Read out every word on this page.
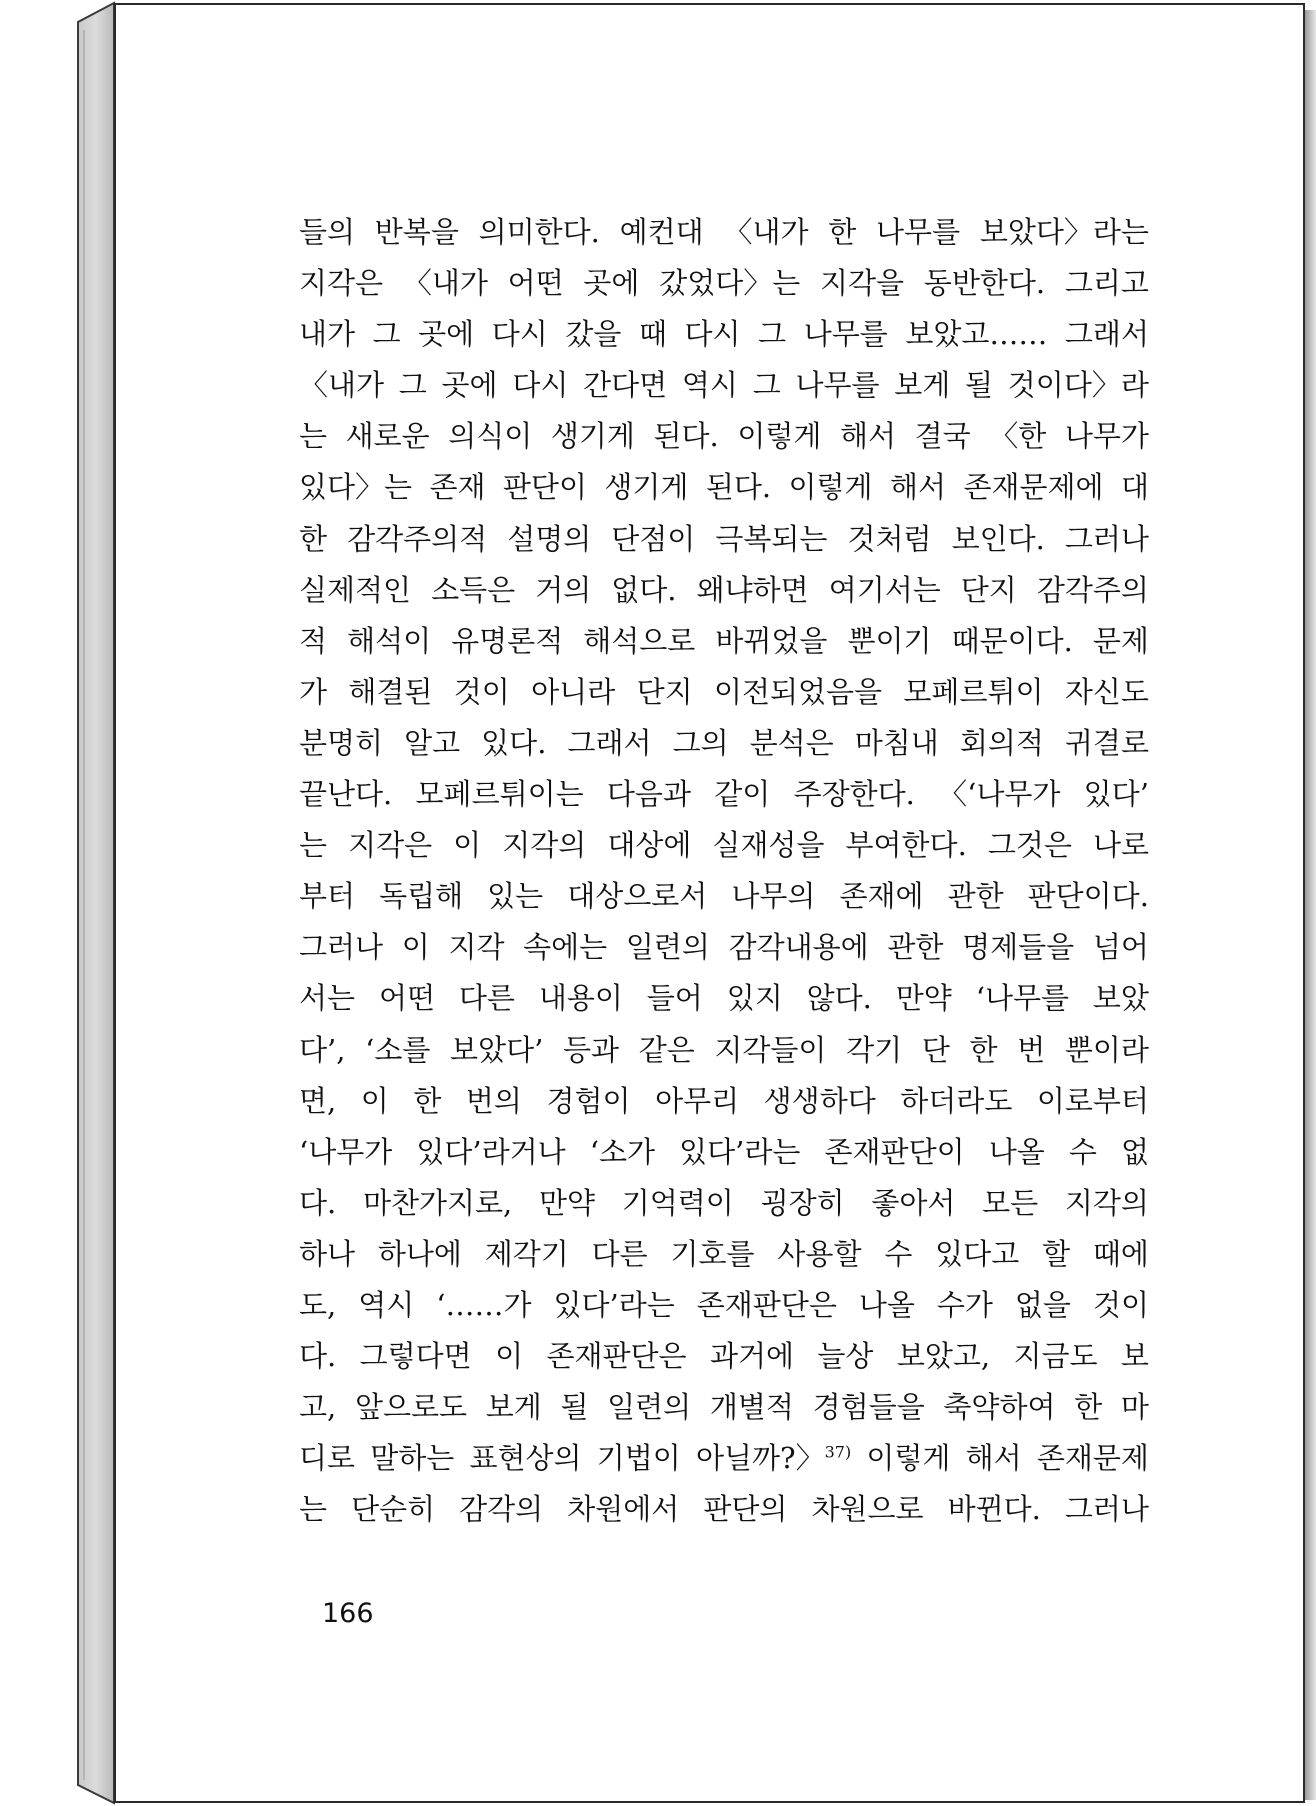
들의 반복을 의미한다. 예컨대 〈내가 한 나무를 보았다〉라는
지각은 〈내가 어떤 곳에 갔었다〉는 지각을 동반한다. 그리고
내가 그 곳에 다시 갔을 때 다시 그 나무를 보았고…… 그래서
〈내가 그 곳에 다시 간다면 역시 그 나무를 보게 될 것이다〉라
는 새로운 의식이 생기게 된다. 이렇게 해서 결국 〈한 나무가
있다〉는 존재 판단이 생기게 된다. 이렇게 해서 존재문제에 대
한 감각주의적 설명의 단점이 극복되는 것처럼 보인다. 그러나
실제적인 소득은 거의 없다. 왜냐하면 여기서는 단지 감각주의
적 해석이 유명론적 해석으로 바뀌었을 뿐이기 때문이다. 문제
가 해결된 것이 아니라 단지 이전되었음을 모페르튀이 자신도
분명히 알고 있다. 그래서 그의 분석은 마침내 회의적 귀결로
끝난다. 모페르튀이는 다음과 같이 주장한다. 〈‘나무가 있다’
는 지각은 이 지각의 대상에 실재성을 부여한다. 그것은 나로
부터 독립해 있는 대상으로서 나무의 존재에 관한 판단이다.
그러나 이 지각 속에는 일련의 감각내용에 관한 명제들을 넘어
서는 어떤 다른 내용이 들어 있지 않다. 만약 ‘나무를 보았
다’, ‘소를 보았다’ 등과 같은 지각들이 각기 단 한 번 뿐이라
면, 이 한 번의 경험이 아무리 생생하다 하더라도 이로부터
‘나무가 있다’라거나 ‘소가 있다’라는 존재판단이 나올 수 없
다. 마찬가지로, 만약 기억력이 굉장히 좋아서 모든 지각의
하나 하나에 제각기 다른 기호를 사용할 수 있다고 할 때에
도, 역시 ‘……가 있다’라는 존재판단은 나올 수가 없을 것이
다. 그렇다면 이 존재판단은 과거에 늘상 보았고, 지금도 보
고, 앞으로도 보게 될 일련의 개별적 경험들을 축약하여 한 마
디로 말하는 표현상의 기법이 아닐까?〉$^{37)}$ 이렇게 해서 존재문제
는 단순히 감각의 차원에서 판단의 차원으로 바뀐다. 그러나
166
